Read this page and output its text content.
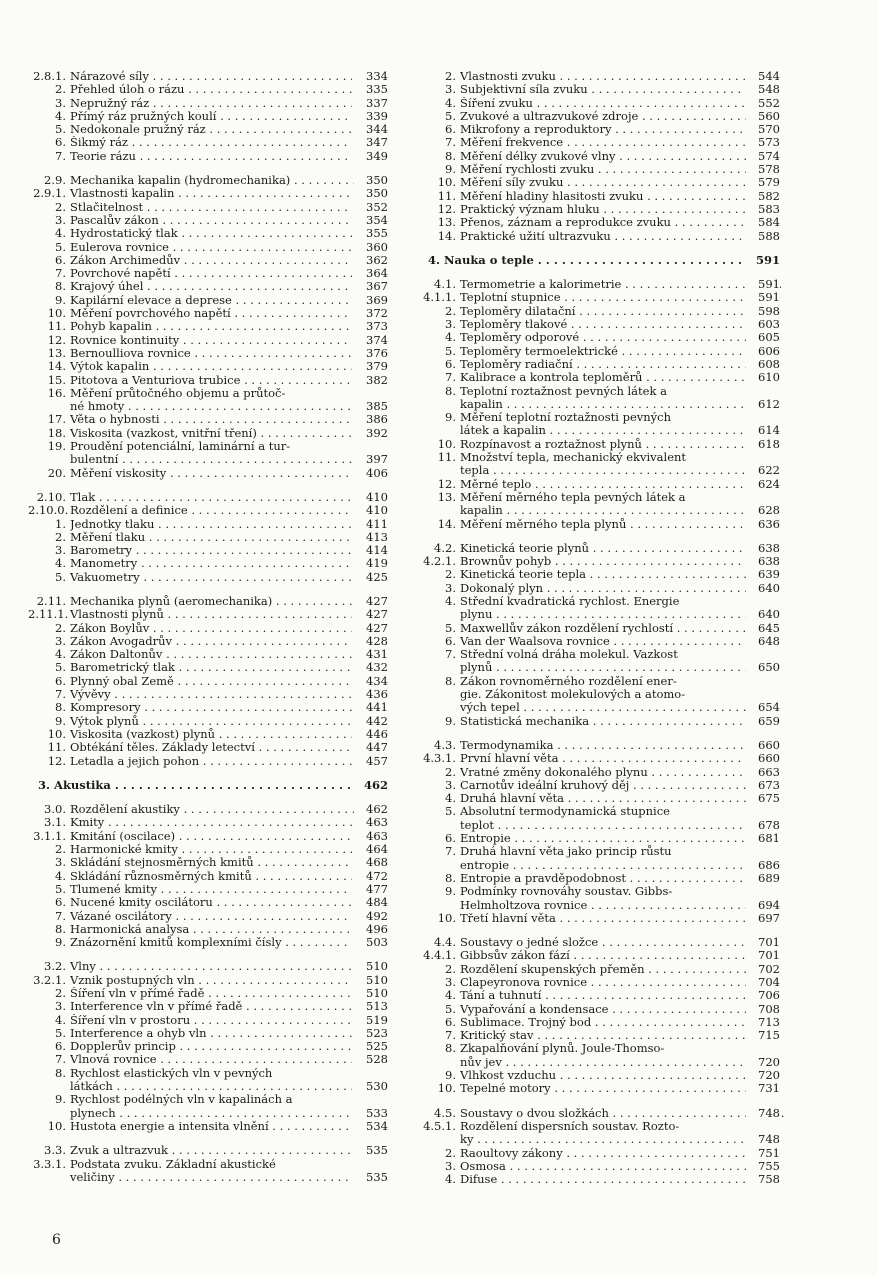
2.8.1. Nárazové síly . . .	334
2. Přehled úloh o rázu . . .	335
3. Nepružný ráz . . .	337
4. Přímý ráz pružných koulí . . .	339
5. Nedokonale pružný ráz . . .	344
6. Šikmý ráz . . .	347
7. Teorie rázu . . .	349
2.9. Mechanika kapalin (hydromechanika) . . .	350
2.9.1. Vlastnosti kapalin . . .	350
2. Stlačitelnost . . .	352
3. Pascalův zákon . . .	354
4. Hydrostatický tlak . . .	355
5. Eulerova rovnice . . .	360
6. Zákon Archimedův . . .	362
7. Povrchové napětí . . .	364
8. Krajový úhel . . .	367
9. Kapilární elevace a deprese . . .	369
10. Měření povrchového napětí . . .	372
11. Pohyb kapalin . . .	373
12. Rovnice kontinuity . . .	374
13. Bernoulliova rovnice . . .	376
14. Výtok kapalin . . .	379
15. Pitotova a Venturiova trubice . . .	382
16. Měření průtočného objemu a průtoč-
né hmoty . . .	385
17. Věta o hybnosti . . .	386
18. Viskosita (vazkost, vnitřní tření) . . .	392
19. Proudění potenciální, laminární a tur-
bulentní . . .	397
20. Měření viskosity . . .	406
2.10. Tlak . . .	410
2.10.0. Rozdělení a definice . . .	410
1. Jednotky tlaku . . .	411
2. Měření tlaku . . .	413
3. Barometry . . .	414
4. Manometry . . .	419
5. Vakuometry . . .	425
2.11. Mechanika plynů (aeromechanika) . . .	427
2.11.1. Vlastnosti plynů . . .	427
2. Zákon Boylův . . .	427
3. Zákon Avogadrův . . .	428
4. Zákon Daltonův . . .	431
5. Barometrický tlak . . .	432
6. Plynný obal Země . . .	434
7. Vývěvy . . .	436
8. Kompresory . . .	441
9. Výtok plynů . . .	442
10. Viskosita (vazkost) plynů . . .	446
11. Obtékání těles. Základy letectví . . .	447
12. Letadla a jejich pohon . . .	457
3. Akustika . . .	462
3.0. Rozdělení akustiky . . .	462
3.1. Kmity . . .	463
3.1.1. Kmitání (oscilace) . . .	463
2. Harmonické kmity . . .	464
3. Skládání stejnosměrných kmitů . . .	468
4. Skládání různosměrných kmitů . . .	472
5. Tlumené kmity . . .	477
6. Nucené kmity oscilátoru . . .	484
7. Vázané oscilátory . . .	492
8. Harmonická analysa . . .	496
9. Znázornění kmitů komplexními čísly . . .	503
3.2. Vlny . . .	510
3.2.1. Vznik postupných vln . . .	510
2. Šíření vln v přímé řadě . . .	510
3. Interference vln v přímé řadě . . .	513
4. Šíření vln v prostoru . . .	519
5. Interference a ohyb vln . . .	523
6. Dopplerův princip . . .	525
7. Vlnová rovnice . . .	528
8. Rychlost elastických vln v pevných
látkách . . .	530
9. Rychlost podélných vln v kapalinách a
plynech . . .	533
10. Hustota energie a intensita vlnění . . .	534
3.3. Zvuk a ultrazvuk . . .	535
3.3.1. Podstata zvuku. Základní akustické
veličiny . . .	535
2. Vlastnosti zvuku . . .	544
3. Subjektivní síla zvuku . . .	548
4. Šíření zvuku . . .	552
5. Zvukové a ultrazvukové zdroje . . .	560
6. Mikrofony a reproduktory . . .	570
7. Měření frekvence . . .	573
8. Měření délky zvukové vlny . . .	574
9. Měření rychlosti zvuku . . .	578
10. Měření síly zvuku . . .	579
11. Měření hladiny hlasitosti zvuku . . .	582
12. Praktický význam hluku . . .	583
13. Přenos, záznam a reprodukce zvuku . . .	584
14. Praktické užití ultrazvuku . . .	588
4. Nauka o teple . . .	591
4.1. Termometrie a kalorimetrie . . .	591
4.1.1. Teplotní stupnice . . .	591
2. Teploměry dilatační . . .	598
3. Teploměry tlakové . . .	603
4. Teploměry odporové . . .	605
5. Teploměry termoelektrické . . .	606
6. Teploměry radiační . . .	608
7. Kalibrace a kontrola teploměrů . . .	610
8. Teplotní roztažnost pevných látek a
kapalin . . .	612
9. Měření teplotní roztažnosti pevných
látek a kapalin . . .	614
10. Rozpínavost a roztažnost plynů . . .	618
11. Množství tepla, mechanický ekvivalent
tepla . . .	622
12. Měrné teplo . . .	624
13. Měření měrného tepla pevných látek a
kapalin . . .	628
14. Měření měrného tepla plynů . . .	636
4.2. Kinetická teorie plynů . . .	638
4.2.1. Brownův pohyb . . .	638
2. Kinetická teorie tepla . . .	639
3. Dokonalý plyn . . .	640
4. Střední kvadratická rychlost. Energie
plynu . . .	640
5. Maxwellův zákon rozdělení rychlostí . . .	645
6. Van der Waalsova rovnice . . .	648
7. Střední volná dráha molekul. Vazkost
plynů . . .	650
8. Zákon rovnoměrného rozdělení ener-
gie. Zákonitost molekulových a atomo-
vých tepel . . .	654
9. Statistická mechanika . . .	659
4.3. Termodynamika . . .	660
4.3.1. První hlavní věta . . .	660
2. Vratné změny dokonalého plynu . . .	663
3. Carnotův ideální kruhový děj . . .	673
4. Druhá hlavní věta . . .	675
5. Absolutní termodynamická stupnice
teplot . . .	678
6. Entropie . . .	681
7. Druhá hlavní věta jako princip růstu
entropie . . .	686
8. Entropie a pravděpodobnost . . .	689
9. Podmínky rovnováhy soustav. Gibbs-
Helmholtzova rovnice . . .	694
10. Třetí hlavní věta . . .	697
4.4. Soustavy o jedné složce . . .	701
4.4.1. Gibbsův zákon fází . . .	701
2. Rozdělení skupenských přeměn . . .	702
3. Clapeyronova rovnice . . .	704
4. Tání a tuhnutí . . .	706
5. Vypařování a kondensace . . .	708
6. Sublimace. Trojný bod . . .	713
7. Kritický stav . . .	715
8. Zkapalňování plynů. Joule-Thomso-
nův jev . . .	720
9. Vlhkost vzduchu . . .	720
10. Tepelné motory . . .	731
4.5. Soustavy o dvou složkách . . .	748
4.5.1. Rozdělení dispersních soustav. Rozto-
ky . . .	748
2. Raoultovy zákony . . .	751
3. Osmosa . . .	755
4. Difuse . . .	758
6
